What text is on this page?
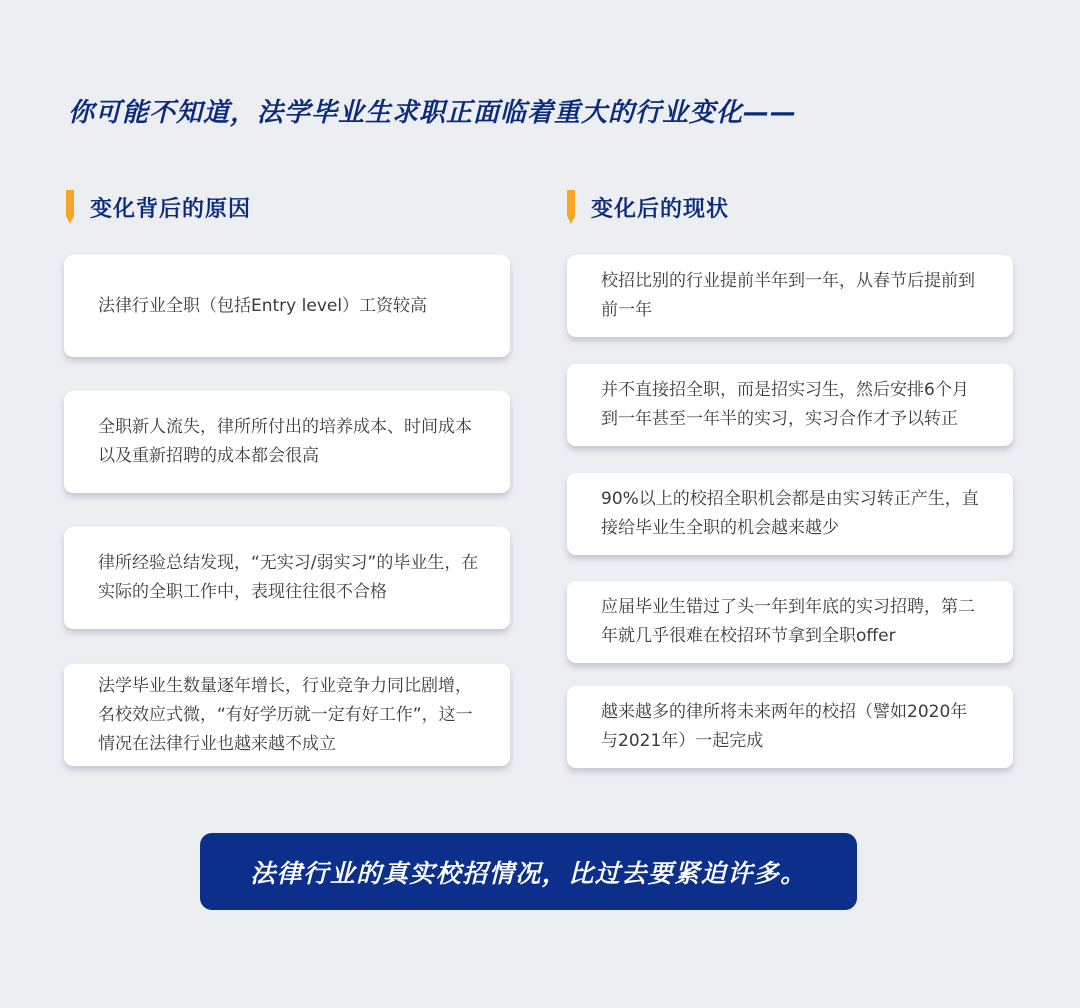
你可能不知道，法学毕业生求职正面临着重大的行业变化——
变化背后的原因	变化后的现状
法律行业全职（包括Entry level）工资较高
全职新人流失，律所所付出的培养成本、时间成本以及重新招聘的成本都会很高
律所经验总结发现，“无实习/弱实习”的毕业生，在实际的全职工作中，表现往往很不合格
法学毕业生数量逐年增长，行业竞争力同比剧增，名校效应式微，“有好学历就一定有好工作”，这一情况在法律行业也越来越不成立
校招比别的行业提前半年到一年，从春节后提前到前一年
并不直接招全职，而是招实习生，然后安排6个月到一年甚至一年半的实习，实习合作才予以转正
90%以上的校招全职机会都是由实习转正产生，直接给毕业生全职的机会越来越少
应届毕业生错过了头一年到年底的实习招聘，第二年就几乎很难在校招环节拿到全职offer
越来越多的律所将未来两年的校招（譬如2020年与2021年）一起完成
法律行业的真实校招情况，比过去要紧迫许多。
